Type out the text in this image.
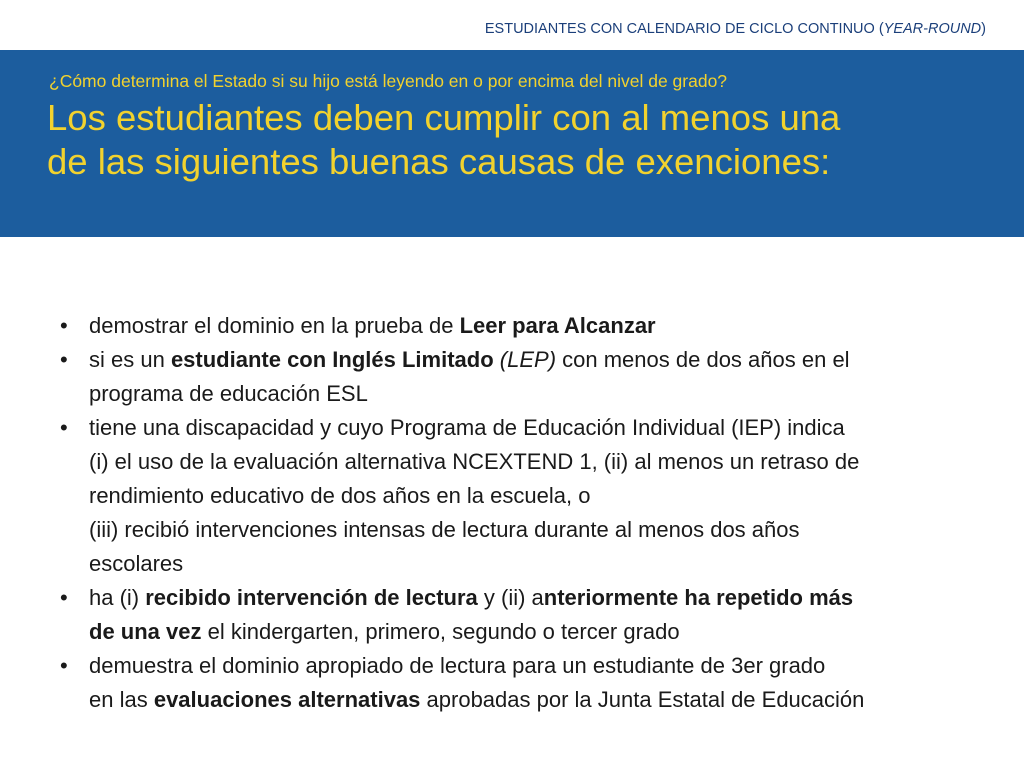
ESTUDIANTES CON CALENDARIO DE CICLO CONTINUO (YEAR-ROUND)
¿Cómo determina el Estado si su hijo está leyendo en o por encima del nivel de grado?
Los estudiantes deben cumplir con al menos una
de las siguientes buenas causas de exenciones:
• demostrar el dominio en la prueba de Leer para Alcanzar
• si es un estudiante con Inglés Limitado (LEP) con menos de dos años en el
programa de educación ESL
• tiene una discapacidad y cuyo Programa de Educación Individual (IEP) indica
(i) el uso de la evaluación alternativa NCEXTEND 1, (ii) al menos un retraso de
rendimiento educativo de dos años en la escuela, o
(iii) recibió intervenciones intensas de lectura durante al menos dos años
escolares
• ha (i) recibido intervención de lectura y (ii) anteriormente ha repetido más
de una vez el kindergarten, primero, segundo o tercer grado
• demuestra el dominio apropiado de lectura para un estudiante de 3er grado
en las evaluaciones alternativas aprobadas por la Junta Estatal de Educación
